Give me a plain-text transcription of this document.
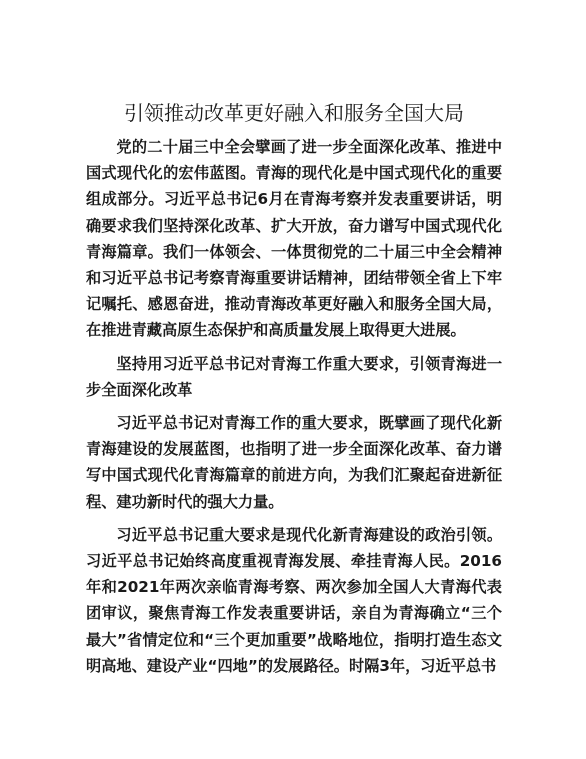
引领推动改革更好融入和服务全国大局

党的二十届三中全会擘画了进一步全面深化改革、推进中国式现代化的宏伟蓝图。青海的现代化是中国式现代化的重要组成部分。习近平总书记6月在青海考察并发表重要讲话，明确要求我们坚持深化改革、扩大开放，奋力谱写中国式现代化青海篇章。我们一体领会、一体贯彻党的二十届三中全会精神和习近平总书记考察青海重要讲话精神，团结带领全省上下牢记嘱托、感恩奋进，推动青海改革更好融入和服务全国大局，在推进青藏高原生态保护和高质量发展上取得更大进展。

坚持用习近平总书记对青海工作重大要求，引领青海进一步全面深化改革

习近平总书记对青海工作的重大要求，既擘画了现代化新青海建设的发展蓝图，也指明了进一步全面深化改革、奋力谱写中国式现代化青海篇章的前进方向，为我们汇聚起奋进新征程、建功新时代的强大力量。

习近平总书记重大要求是现代化新青海建设的政治引领。习近平总书记始终高度重视青海发展、牵挂青海人民。2016年和2021年两次亲临青海考察、两次参加全国人大青海代表团审议，聚焦青海工作发表重要讲话，亲自为青海确立“三个最大”省情定位和“三个更加重要”战略地位，指明打造生态文明高地、建设产业“四地”的发展路径。时隔3年，习近平总书
